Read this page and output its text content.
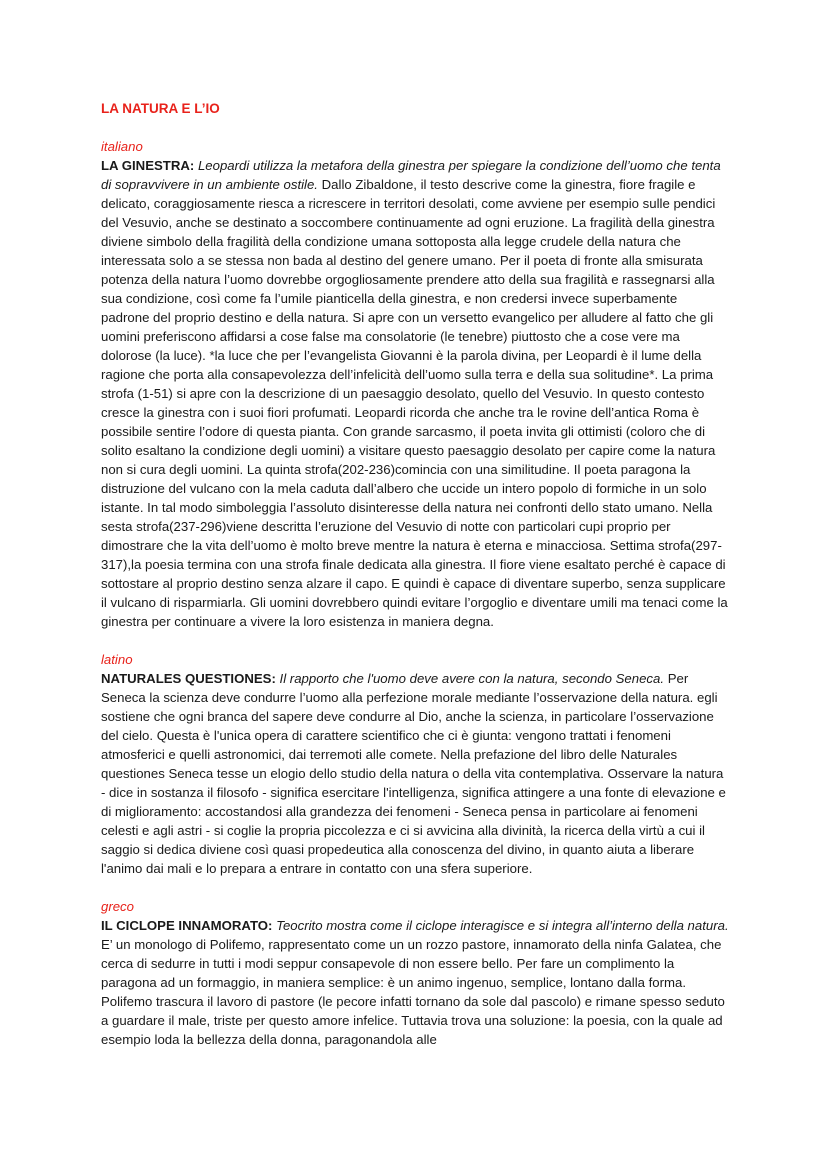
LA NATURA E L’IO
italiano

LA GINESTRA: Leopardi utilizza la metafora della ginestra per spiegare la condizione dell’uomo che tenta di sopravvivere in un ambiente ostile. Dallo Zibaldone, il testo descrive come la ginestra, fiore fragile e delicato, coraggiosamente riesca a ricrescere in territori desolati, come avviene per esempio sulle pendici del Vesuvio, anche se destinato a soccombere continuamente ad ogni eruzione. La fragilità della ginestra diviene simbolo della fragilità della condizione umana sottoposta alla legge crudele della natura che interessata solo a se stessa non bada al destino del genere umano. Per il poeta di fronte alla smisurata potenza della natura l’uomo dovrebbe orgogliosamente prendere atto della sua fragilità e rassegnarsi alla sua condizione, così come fa l’umile pianticella della ginestra, e non credersi invece superbamente padrone del proprio destino e della natura. Si apre con un versetto evangelico per alludere al fatto che gli uomini preferiscono affidarsi a cose false ma consolatorie (le tenebre) piuttosto che a cose vere ma dolorose (la luce). *la luce che per l’evangelista Giovanni è la parola divina, per Leopardi è il lume della ragione che porta alla consapevolezza dell’infelicità dell’uomo sulla terra e della sua solitudine*. La prima strofa (1-51) si apre con la descrizione di un paesaggio desolato, quello del Vesuvio. In questo contesto cresce la ginestra con i suoi fiori profumati. Leopardi ricorda che anche tra le rovine dell’antica Roma è possibile sentire l’odore di questa pianta. Con grande sarcasmo, il poeta invita gli ottimisti (coloro che di solito esaltano la condizione degli uomini) a visitare questo paesaggio desolato per capire come la natura non si cura degli uomini. La quinta strofa(202-236)comincia con una similitudine. Il poeta paragona la distruzione del vulcano con la mela caduta dall’albero che uccide un intero popolo di formiche in un solo istante. In tal modo simboleggia l’assoluto disinteresse della natura nei confronti dello stato umano. Nella sesta strofa(237-296)viene descritta l’eruzione del Vesuvio di notte con particolari cupi proprio per dimostrare che la vita dell’uomo è molto breve mentre la natura è eterna e minacciosa. Settima strofa(297-317),la poesia termina con una strofa finale dedicata alla ginestra. Il fiore viene esaltato perché è capace di sottostare al proprio destino senza alzare il capo. E quindi è capace di diventare superbo, senza supplicare il vulcano di risparmiarla. Gli uomini dovrebbero quindi evitare l’orgoglio e diventare umili ma tenaci come la ginestra per continuare a vivere la loro esistenza in maniera degna.

latino

NATURALES QUESTIONES: Il rapporto che l'uomo deve avere con la natura, secondo Seneca. Per Seneca la scienza deve condurre l’uomo alla perfezione morale mediante l’osservazione della natura. egli sostiene che ogni branca del sapere deve condurre al Dio, anche la scienza, in particolare l’osservazione del cielo. Questa è l'unica opera di carattere scientifico che ci è giunta: vengono trattati i fenomeni atmosferici e quelli astronomici, dai terremoti alle comete. Nella prefazione del libro delle Naturales questiones Seneca tesse un elogio dello studio della natura o della vita contemplativa. Osservare la natura - dice in sostanza il filosofo - significa esercitare l'intelligenza, significa attingere a una fonte di elevazione e di miglioramento: accostandosi alla grandezza dei fenomeni - Seneca pensa in particolare ai fenomeni celesti e agli astri - si coglie la propria piccolezza e ci si avvicina alla divinità, la ricerca della virtù a cui il saggio si dedica diviene così quasi propedeutica alla conoscenza del divino, in quanto aiuta a liberare l'animo dai mali e lo prepara a entrare in contatto con una sfera superiore.

greco

IL CICLOPE INNAMORATO: Teocrito mostra come il ciclope interagisce e si integra all’interno della natura. E’ un monologo di Polifemo, rappresentato come un un rozzo pastore, innamorato della ninfa Galatea, che cerca di sedurre in tutti i modi seppur consapevole di non essere bello. Per fare un complimento la paragona ad un formaggio, in maniera semplice: è un animo ingenuo, semplice, lontano dalla forma. Polifemo trascura il lavoro di pastore (le pecore infatti tornano da sole dal pascolo) e rimane spesso seduto a guardare il male, triste per questo amore infelice. Tuttavia trova una soluzione: la poesia, con la quale ad esempio loda la bellezza della donna, paragonandola alle
